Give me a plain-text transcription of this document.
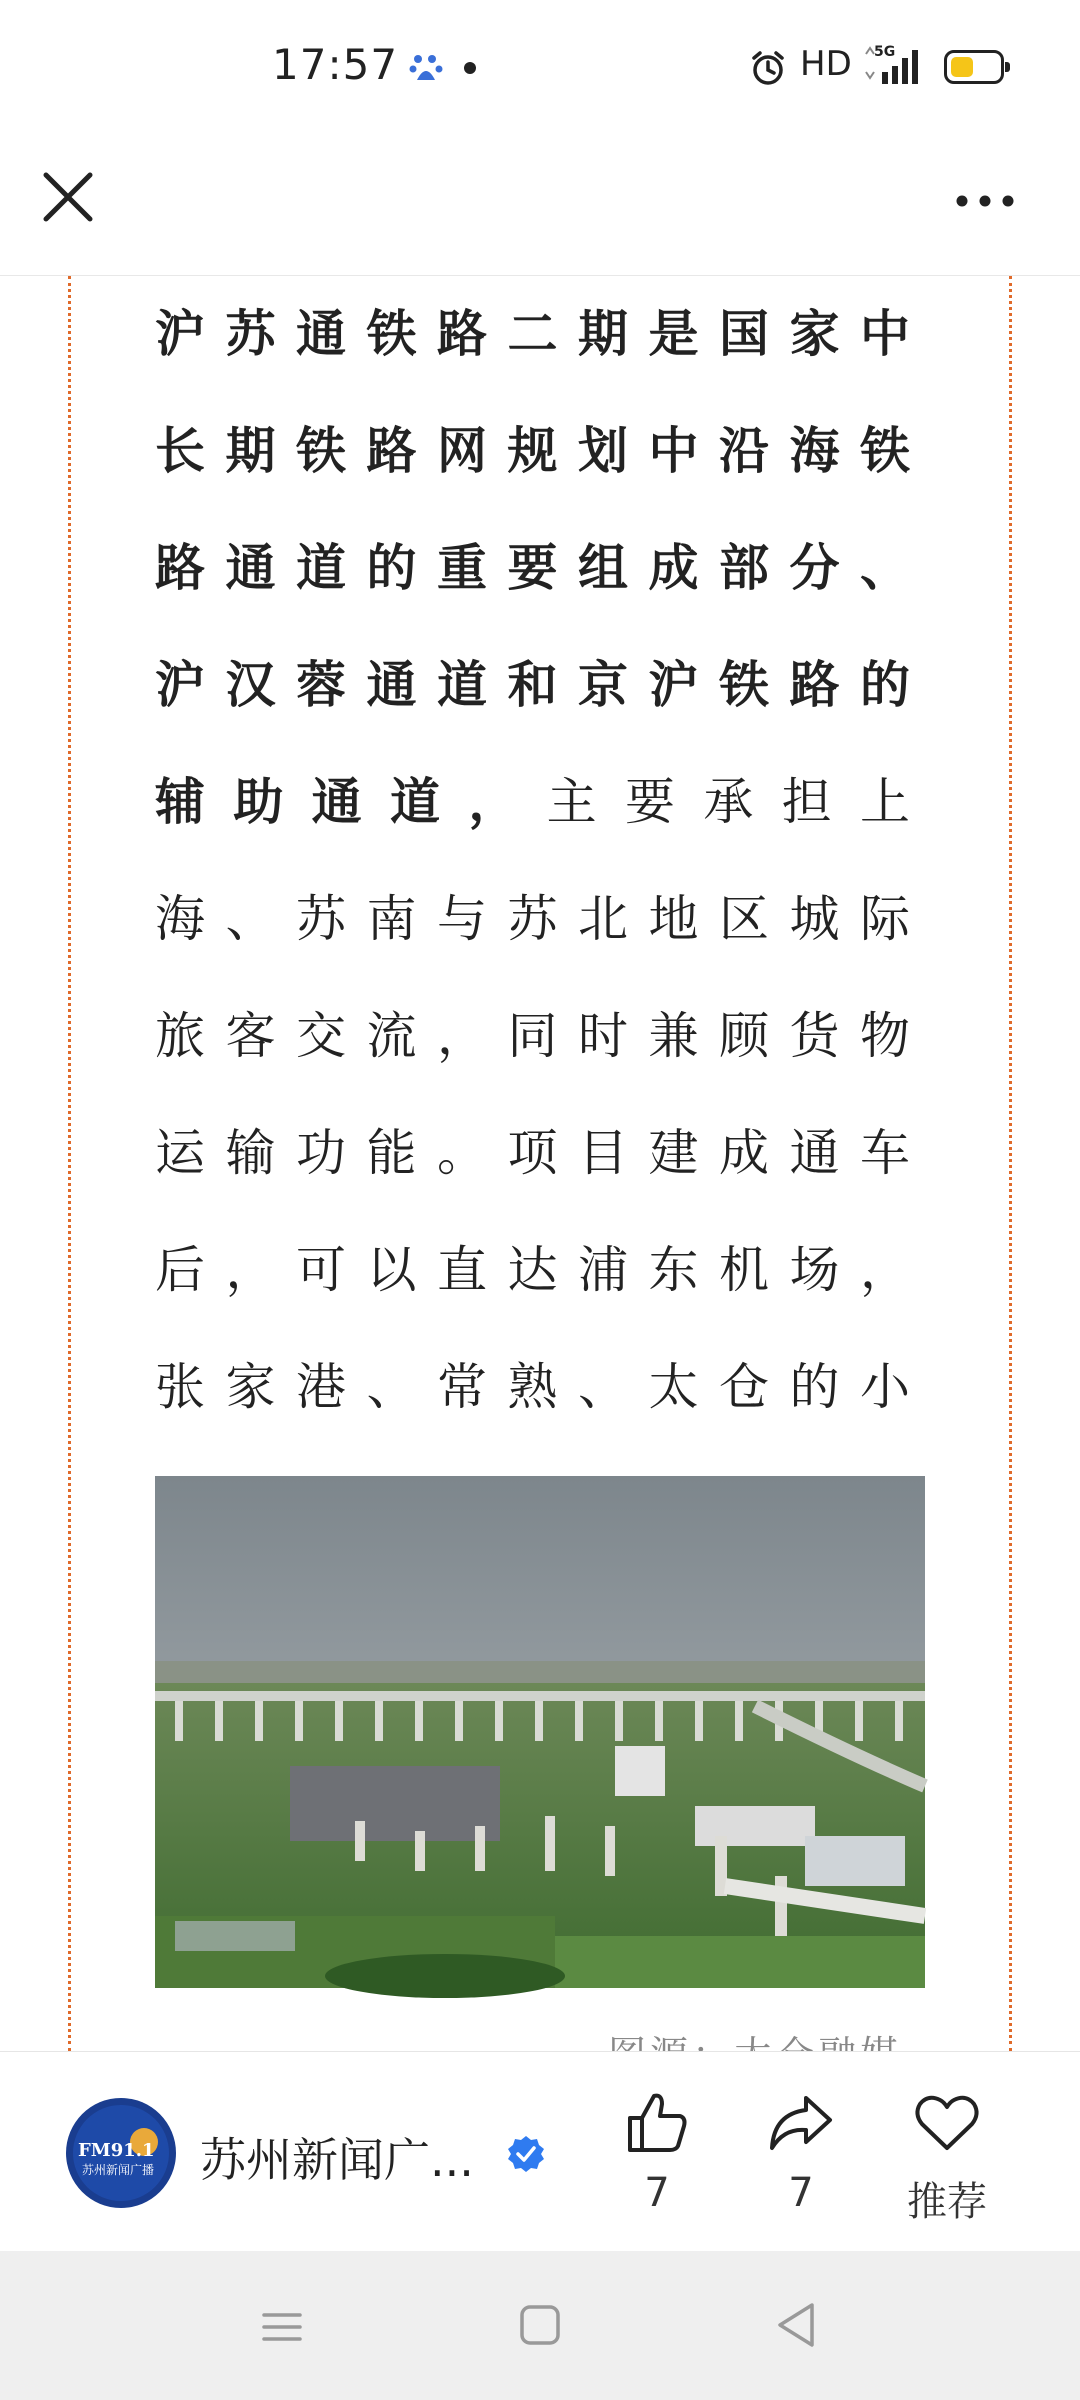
17:57	HD 5G

沪苏通铁路二期是国家中长期铁路网规划中沿海铁路通道的重要组成部分、沪汉蓉通道和京沪铁路的辅助通道，主要承担上海、苏南与苏北地区城际旅客交流，同时兼顾货物运输功能。项目建成通车后，可以直达浦东机场，张家港、常熟、太仓的小

FM91.1
苏州新闻广播 苏州新闻广...
7	7	推荐
